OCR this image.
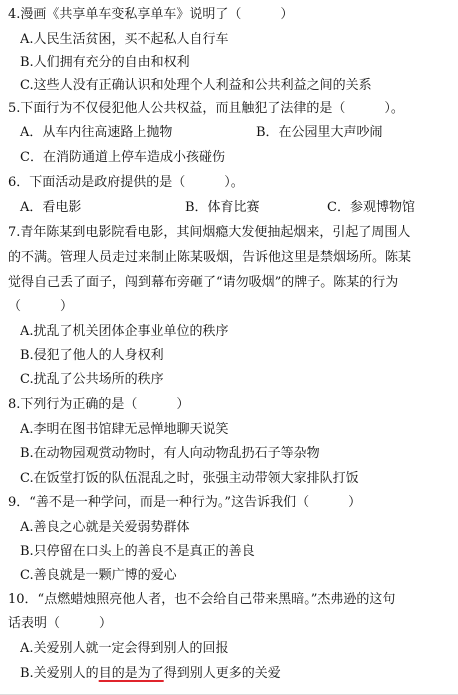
4.漫画《共享单车变私享单车》说明了（　　　）
A.人民生活贫困，买不起私人自行车
B.人们拥有充分的自由和权利
C.这些人没有正确认识和处理个人利益和公共利益之间的关系
5.下面行为不仅侵犯他人公共权益，而且触犯了法律的是（　　　）。
A．从车内往高速路上抛物	B．在公园里大声吵闹
C．在消防通道上停车造成小孩碰伤
6．下面活动是政府提供的是（　　　）。
A．看电影	B．体育比赛	C．参观博物馆
7.青年陈某到电影院看电影，其间烟瘾大发便抽起烟来，引起了周围人
的不满。管理人员走过来制止陈某吸烟，告诉他这里是禁烟场所。陈某
觉得自己丢了面子，闯到幕布旁砸了“请勿吸烟”的牌子。陈某的行为
（　　　）
A.扰乱了机关团体企事业单位的秩序
B.侵犯了他人的人身权利
C.扰乱了公共场所的秩序
8.下列行为正确的是（　　　）
A.李明在图书馆肆无忌惮地聊天说笑
B.在动物园观赏动物时，有人向动物乱扔石子等杂物
C.在饭堂打饭的队伍混乱之时，张强主动带领大家排队打饭
9．“善不是一种学问，而是一种行为。”这告诉我们（　　　）
A.善良之心就是关爱弱势群体
B.只停留在口头上的善良不是真正的善良
C.善良就是一颗广博的爱心
10．“点燃蜡烛照亮他人者，也不会给自己带来黑暗。”杰弗逊的这句
话表明（　　　）
A.关爱别人就一定会得到别人的回报
B.关爱别人的目的是为了得到别人更多的关爱
